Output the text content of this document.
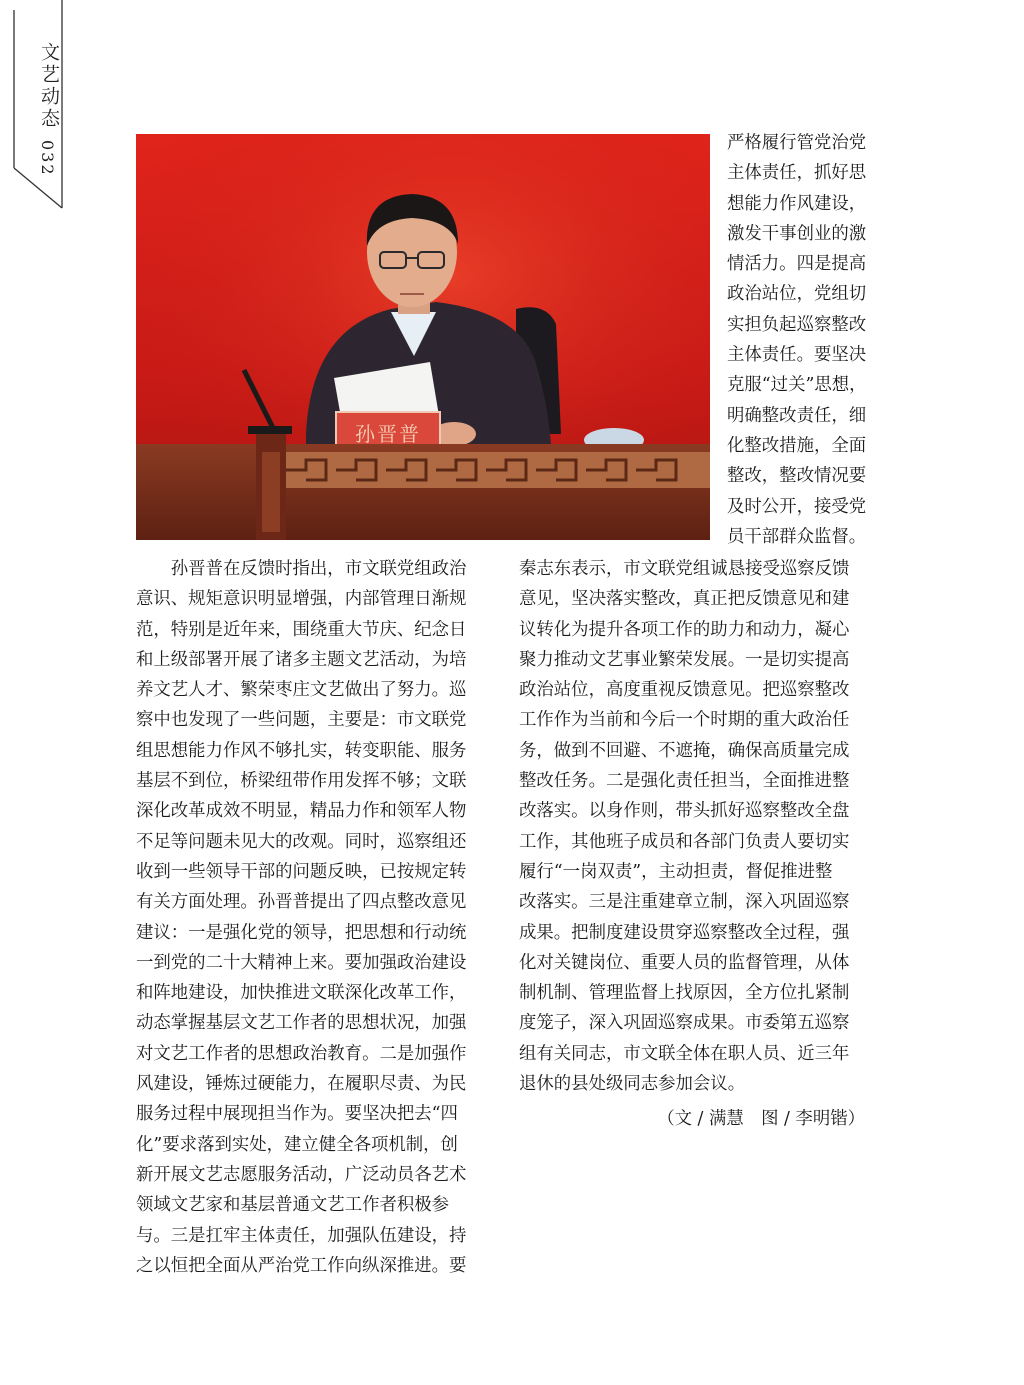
文艺动态
032
孙晋普
严格履行管党治党
主体责任，抓好思
想能力作风建设，
激发干事创业的激
情活力。四是提高
政治站位，党组切
实担负起巡察整改
主体责任。要坚决
克服“过关”思想，
明确整改责任，细
化整改措施，全面
整改，整改情况要
及时公开，接受党
员干部群众监督。
　　孙晋普在反馈时指出，市文联党组政治
意识、规矩意识明显增强，内部管理日渐规
范，特别是近年来，围绕重大节庆、纪念日
和上级部署开展了诸多主题文艺活动，为培
养文艺人才、繁荣枣庄文艺做出了努力。巡
察中也发现了一些问题，主要是：市文联党
组思想能力作风不够扎实，转变职能、服务
基层不到位，桥梁纽带作用发挥不够；文联
深化改革成效不明显，精品力作和领军人物
不足等问题未见大的改观。同时，巡察组还
收到一些领导干部的问题反映，已按规定转
有关方面处理。孙晋普提出了四点整改意见
建议：一是强化党的领导，把思想和行动统
一到党的二十大精神上来。要加强政治建设
和阵地建设，加快推进文联深化改革工作，
动态掌握基层文艺工作者的思想状况，加强
对文艺工作者的思想政治教育。二是加强作
风建设，锤炼过硬能力，在履职尽责、为民
服务过程中展现担当作为。要坚决把去“四
化”要求落到实处，建立健全各项机制，创
新开展文艺志愿服务活动，广泛动员各艺术
领域文艺家和基层普通文艺工作者积极参
与。三是扛牢主体责任，加强队伍建设，持
之以恒把全面从严治党工作向纵深推进。要
秦志东表示，市文联党组诚恳接受巡察反馈
意见，坚决落实整改，真正把反馈意见和建
议转化为提升各项工作的助力和动力，凝心
聚力推动文艺事业繁荣发展。一是切实提高
政治站位，高度重视反馈意见。把巡察整改
工作作为当前和今后一个时期的重大政治任
务，做到不回避、不遮掩，确保高质量完成
整改任务。二是强化责任担当，全面推进整
改落实。以身作则，带头抓好巡察整改全盘
工作，其他班子成员和各部门负责人要切实
履行“一岗双责”，主动担责，督促推进整
改落实。三是注重建章立制，深入巩固巡察
成果。把制度建设贯穿巡察整改全过程，强
化对关键岗位、重要人员的监督管理，从体
制机制、管理监督上找原因，全方位扎紧制
度笼子，深入巩固巡察成果。市委第五巡察
组有关同志，市文联全体在职人员、近三年
退休的县处级同志参加会议。
（文 / 满慧　图 / 李明锴）
